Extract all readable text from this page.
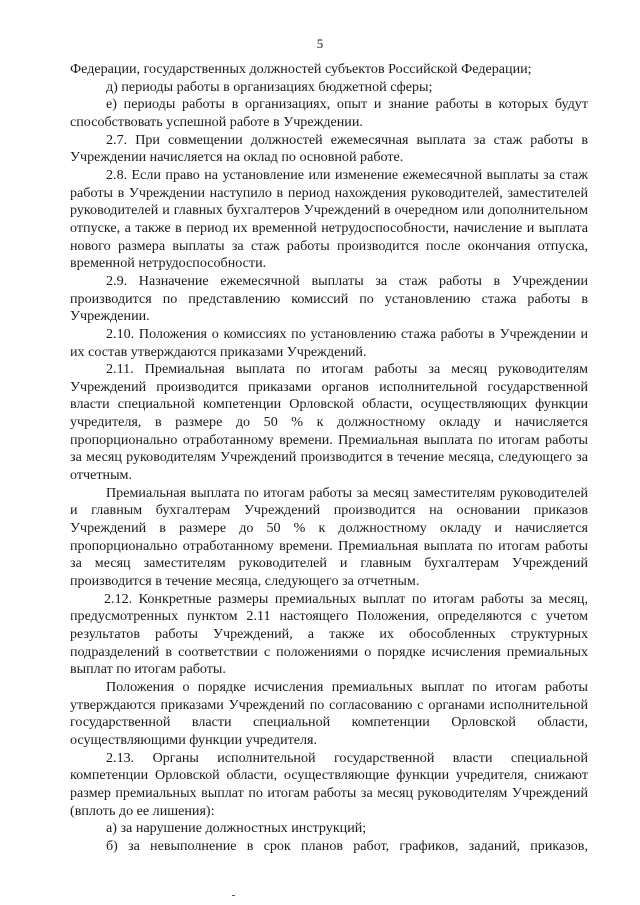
5

Федерации, государственных должностей субъектов Российской Федерации;

д) периоды работы в организациях бюджетной сферы;

е) периоды работы в организациях, опыт и знание работы в которых будут способствовать успешной работе в Учреждении.

2.7. При совмещении должностей ежемесячная выплата за стаж работы в Учреждении начисляется на оклад по основной работе.

2.8. Если право на установление или изменение ежемесячной выплаты за стаж работы в Учреждении наступило в период нахождения руководителей, заместителей руководителей и главных бухгалтеров Учреждений в очередном или дополнительном отпуске, а также в период их временной нетрудоспособности, начисление и выплата нового размера выплаты за стаж работы производится после окончания отпуска, временной нетрудоспособности.

2.9. Назначение ежемесячной выплаты за стаж работы в Учреждении производится по представлению комиссий по установлению стажа работы в Учреждении.

2.10. Положения о комиссиях по установлению стажа работы в Учреждении и их состав утверждаются приказами Учреждений.

2.11. Премиальная выплата по итогам работы за месяц руководителям Учреждений производится приказами органов исполнительной государственной власти специальной компетенции Орловской области, осуществляющих функции учредителя, в размере до 50 % к должностному окладу и начисляется пропорционально отработанному времени. Премиальная выплата по итогам работы за месяц руководителям Учреждений производится в течение месяца, следующего за отчетным.

Премиальная выплата по итогам работы за месяц заместителям руководителей и главным бухгалтерам Учреждений производится на основании приказов Учреждений в размере до 50 % к должностному окладу и начисляется пропорционально отработанному времени. Премиальная выплата по итогам работы за месяц заместителям руководителей и главным бухгалтерам Учреждений производится в течение месяца, следующего за отчетным.

2.12. Конкретные размеры премиальных выплат по итогам работы за месяц, предусмотренных пунктом 2.11 настоящего Положения, определяются с учетом результатов работы Учреждений, а также их обособленных структурных подразделений в соответствии с положениями о порядке исчисления премиальных выплат по итогам работы.

Положения о порядке исчисления премиальных выплат по итогам работы утверждаются приказами Учреждений по согласованию с органами исполнительной государственной власти специальной компетенции Орловской области, осуществляющими функции учредителя.

2.13. Органы исполнительной государственной власти специальной компетенции Орловской области, осуществляющие функции учредителя, снижают размер премиальных выплат по итогам работы за месяц руководителям Учреждений (вплоть до ее лишения):

а) за нарушение должностных инструкций;

б) за невыполнение в срок планов работ, графиков, заданий, приказов,
